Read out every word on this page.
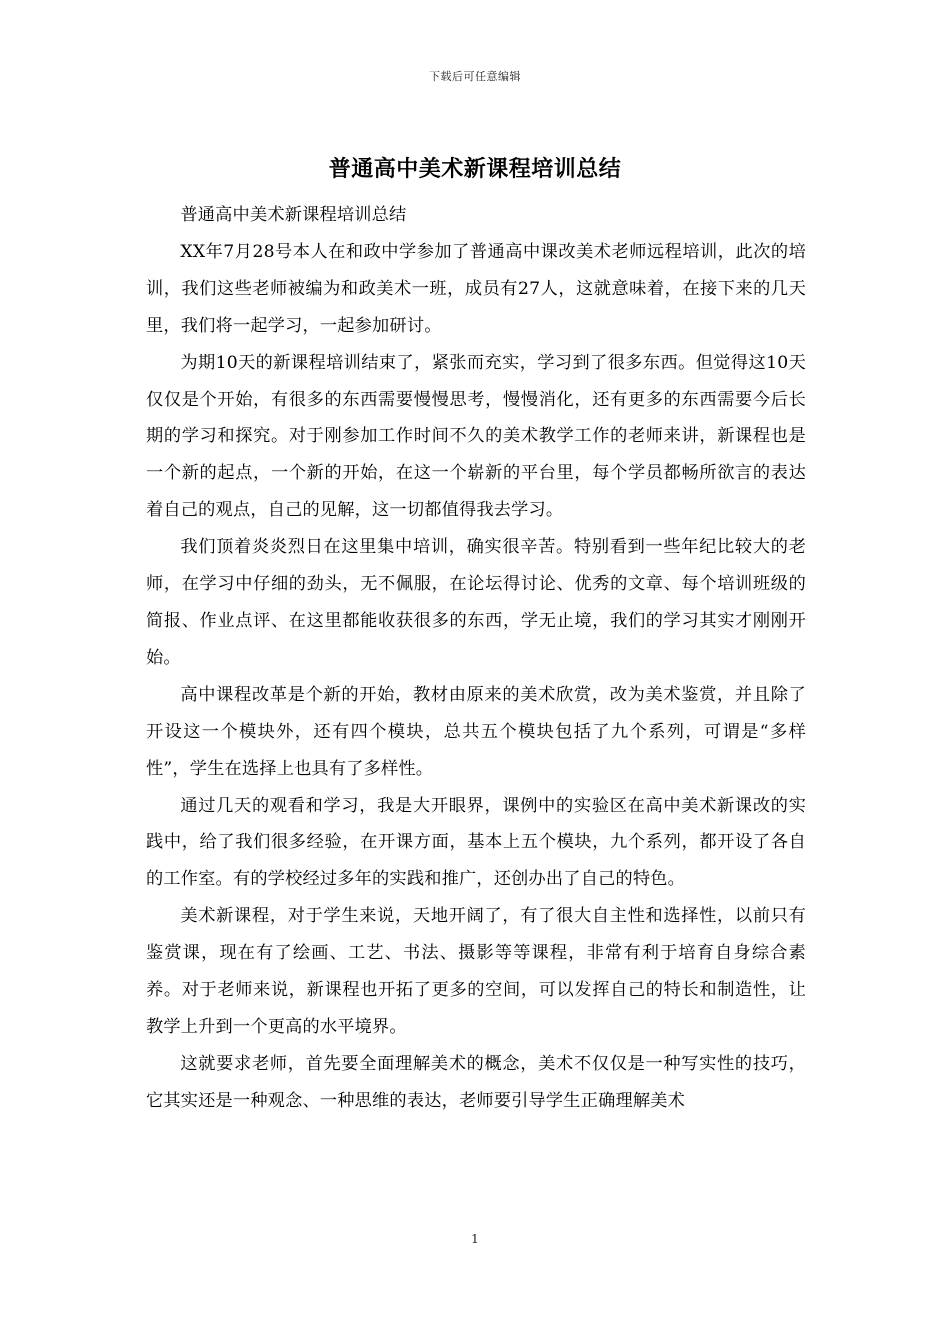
下载后可任意编辑
普通高中美术新课程培训总结

普通高中美术新课程培训总结

XX年7月28号本人在和政中学参加了普通高中课改美术老师远程培训，此次的培训，我们这些老师被编为和政美术一班，成员有27人，这就意味着，在接下来的几天里，我们将一起学习，一起参加研讨。

为期10天的新课程培训结束了，紧张而充实，学习到了很多东西。但觉得这10天仅仅是个开始，有很多的东西需要慢慢思考，慢慢消化，还有更多的东西需要今后长期的学习和探究。对于刚参加工作时间不久的美术教学工作的老师来讲，新课程也是一个新的起点，一个新的开始，在这一个崭新的平台里，每个学员都畅所欲言的表达着自己的观点，自己的见解，这一切都值得我去学习。

我们顶着炎炎烈日在这里集中培训，确实很辛苦。特别看到一些年纪比较大的老师，在学习中仔细的劲头，无不佩服，在论坛得讨论、优秀的文章、每个培训班级的简报、作业点评、在这里都能收获很多的东西，学无止境，我们的学习其实才刚刚开始。

高中课程改革是个新的开始，教材由原来的美术欣赏，改为美术鉴赏，并且除了开设这一个模块外，还有四个模块，总共五个模块包括了九个系列，可谓是“多样性”，学生在选择上也具有了多样性。

通过几天的观看和学习，我是大开眼界，课例中的实验区在高中美术新课改的实践中，给了我们很多经验，在开课方面，基本上五个模块，九个系列，都开设了各自的工作室。有的学校经过多年的实践和推广，还创办出了自己的特色。

美术新课程，对于学生来说，天地开阔了，有了很大自主性和选择性，以前只有鉴赏课，现在有了绘画、工艺、书法、摄影等等课程，非常有利于培育自身综合素养。对于老师来说，新课程也开拓了更多的空间，可以发挥自己的特长和制造性，让教学上升到一个更高的水平境界。

这就要求老师，首先要全面理解美术的概念，美术不仅仅是一种写实性的技巧，它其实还是一种观念、一种思维的表达，老师要引导学生正确理解美术

1
